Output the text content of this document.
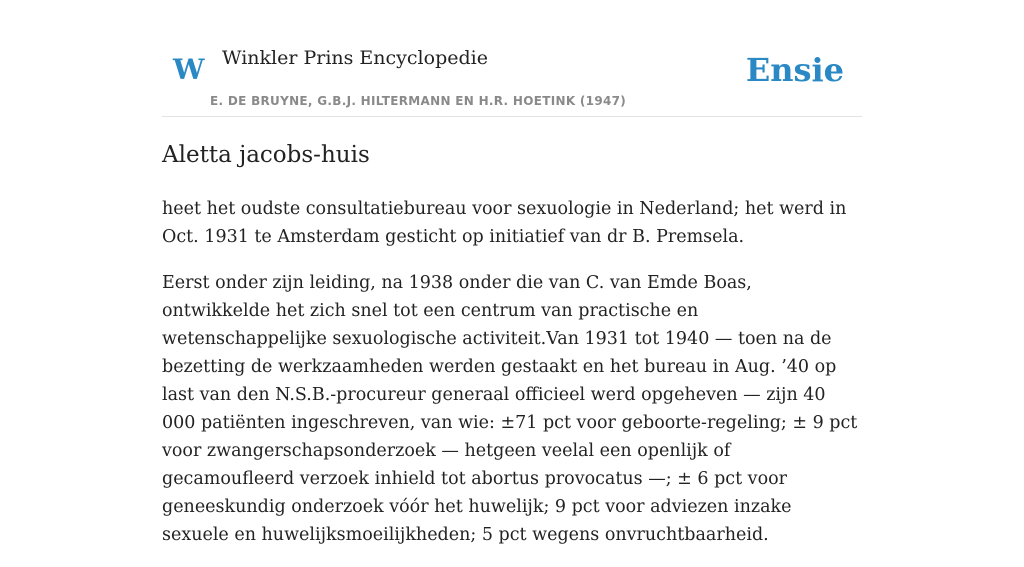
W Winkler Prins Encyclopedie
E. DE BRUYNE, G.B.J. HILTERMANN EN H.R. HOETINK (1947)
Ensie
Aletta jacobs-huis

heet het oudste consultatiebureau voor sexuologie in Nederland; het werd in Oct. 1931 te Amsterdam gesticht op initiatief van dr B. Premsela.

Eerst onder zijn leiding, na 1938 onder die van C. van Emde Boas, ontwikkelde het zich snel tot een centrum van practische en wetenschappelijke sexuologische activiteit.Van 1931 tot 1940 — toen na de bezetting de werkzaamheden werden gestaakt en het bureau in Aug. ’40 op last van den N.S.B.-procureur generaal officieel werd opgeheven — zijn 40 000 patiënten ingeschreven, van wie: ±71 pct voor geboorte-regeling; ± 9 pct voor zwangerschapsonderzoek — hetgeen veelal een openlijk of gecamoufleerd verzoek inhield tot abortus provocatus —; ± 6 pct voor geneeskundig onderzoek vóór het huwelijk; 9 pct voor adviezen inzake sexuele en huwelijksmoeilijkheden; 5 pct wegens onvruchtbaarheid.
